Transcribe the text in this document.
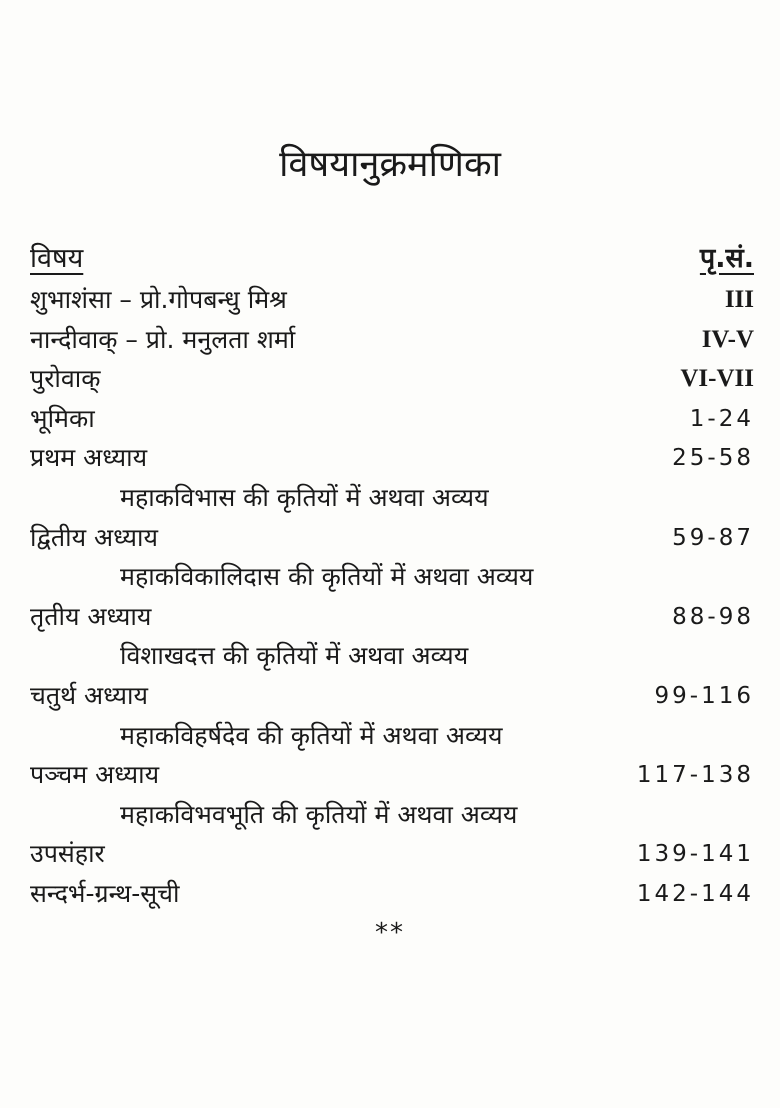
विषयानुक्रमणिका
विषय	पृ.सं.
शुभाशंसा – प्रो.गोपबन्धु मिश्र	III
नान्दीवाक् – प्रो. मनुलता शर्मा	IV-V
पुरोवाक्	VI-VII
भूमिका	1-24
प्रथम अध्याय	25-58
महाकविभास की कृतियों में अथवा अव्यय
द्वितीय अध्याय	59-87
महाकविकालिदास की कृतियों में अथवा अव्यय
तृतीय अध्याय	88-98
विशाखदत्त की कृतियों में अथवा अव्यय
चतुर्थ अध्याय	99-116
महाकविहर्षदेव की कृतियों में अथवा अव्यय
पञ्चम अध्याय	117-138
महाकविभवभूति की कृतियों में अथवा अव्यय
उपसंहार	139-141
सन्दर्भ-ग्रन्थ-सूची	142-144
**
